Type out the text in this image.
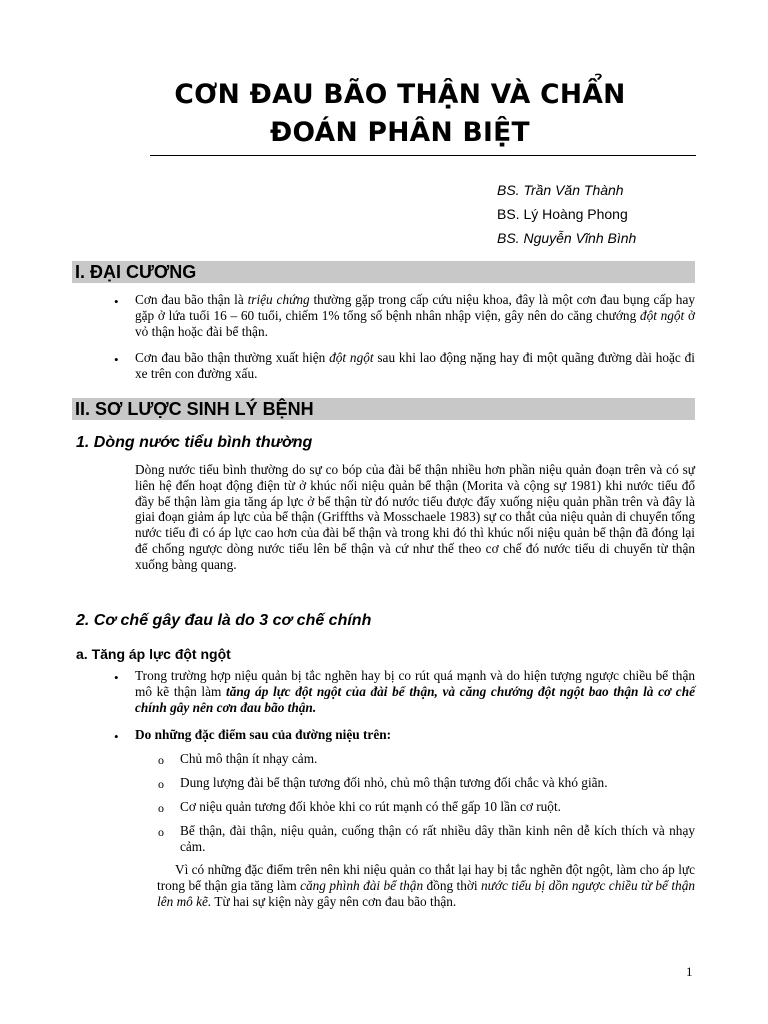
CƠN ĐAU BÃO THẬN VÀ CHẨN
ĐOÁN PHÂN BIỆT
BS. Trần Văn Thành
BS. Lý Hoàng Phong
BS. Nguyễn Vĩnh Bình
I. ĐẠI CƯƠNG
• Cơn đau bão thận là triệu chứng thường gặp trong cấp cứu niệu khoa, đây là một cơn đau bụng cấp hay gặp ở lứa tuổi 16 – 60 tuổi, chiếm 1% tổng số bệnh nhân nhập viện, gây nên do căng chướng đột ngột ở vỏ thận hoặc đài bể thận.
• Cơn đau bão thận thường xuất hiện đột ngột sau khi lao động nặng hay đi một quãng đường dài hoặc đi xe trên con đường xấu.
II. SƠ LƯỢC SINH LÝ BỆNH
1. Dòng nước tiểu bình thường
Dòng nước tiểu bình thường do sự co bóp của đài bể thận nhiều hơn phần niệu quản đoạn trên và có sự liên hệ đến hoạt động điện từ ở khúc nối niệu quản bể thận (Morita và cộng sự 1981) khi nước tiểu đổ đầy bể thận làm gia tăng áp lực ở bể thận từ đó nước tiểu được đẩy xuống niệu quản phần trên và đây là giai đoạn giảm áp lực của bể thận (Griffths và Mosschaele 1983) sự co thắt của niệu quản di chuyển tống nước tiểu đi có áp lực cao hơn của đài bể thận và trong khi đó thì khúc nối niệu quản bể thận đã đóng lại để chống ngược dòng nước tiểu lên bể thận và cứ như thế theo cơ chế đó nước tiểu di chuyển từ thận xuống bàng quang.
2. Cơ chế gây đau là do 3 cơ chế chính
a. Tăng áp lực đột ngột
• Trong trường hợp niệu quản bị tắc nghẽn hay bị co rút quá mạnh và do hiện tượng ngược chiều bể thận mô kẽ thận làm tăng áp lực đột ngột của đài bể thận, và căng chướng đột ngột bao thận là cơ chế chính gây nên cơn đau bão thận.
• Do những đặc điểm sau của đường niệu trên:
o Chủ mô thận ít nhạy cảm.
o Dung lượng đài bể thận tương đối nhỏ, chủ mô thận tương đối chắc và khó giãn.
o Cơ niệu quản tương đối khỏe khi co rút mạnh có thể gấp 10 lần cơ ruột.
o Bể thận, đài thận, niệu quản, cuống thận có rất nhiều dây thần kinh nên dễ kích thích và nhạy cảm.
Vì có những đặc điểm trên nên khi niệu quản co thắt lại hay bị tắc nghẽn đột ngột, làm cho áp lực trong bể thận gia tăng làm căng phình đài bể thận đồng thời nước tiểu bị dồn ngược chiều từ bể thận lên mô kẽ. Từ hai sự kiện này gây nên cơn đau bão thận.
1
